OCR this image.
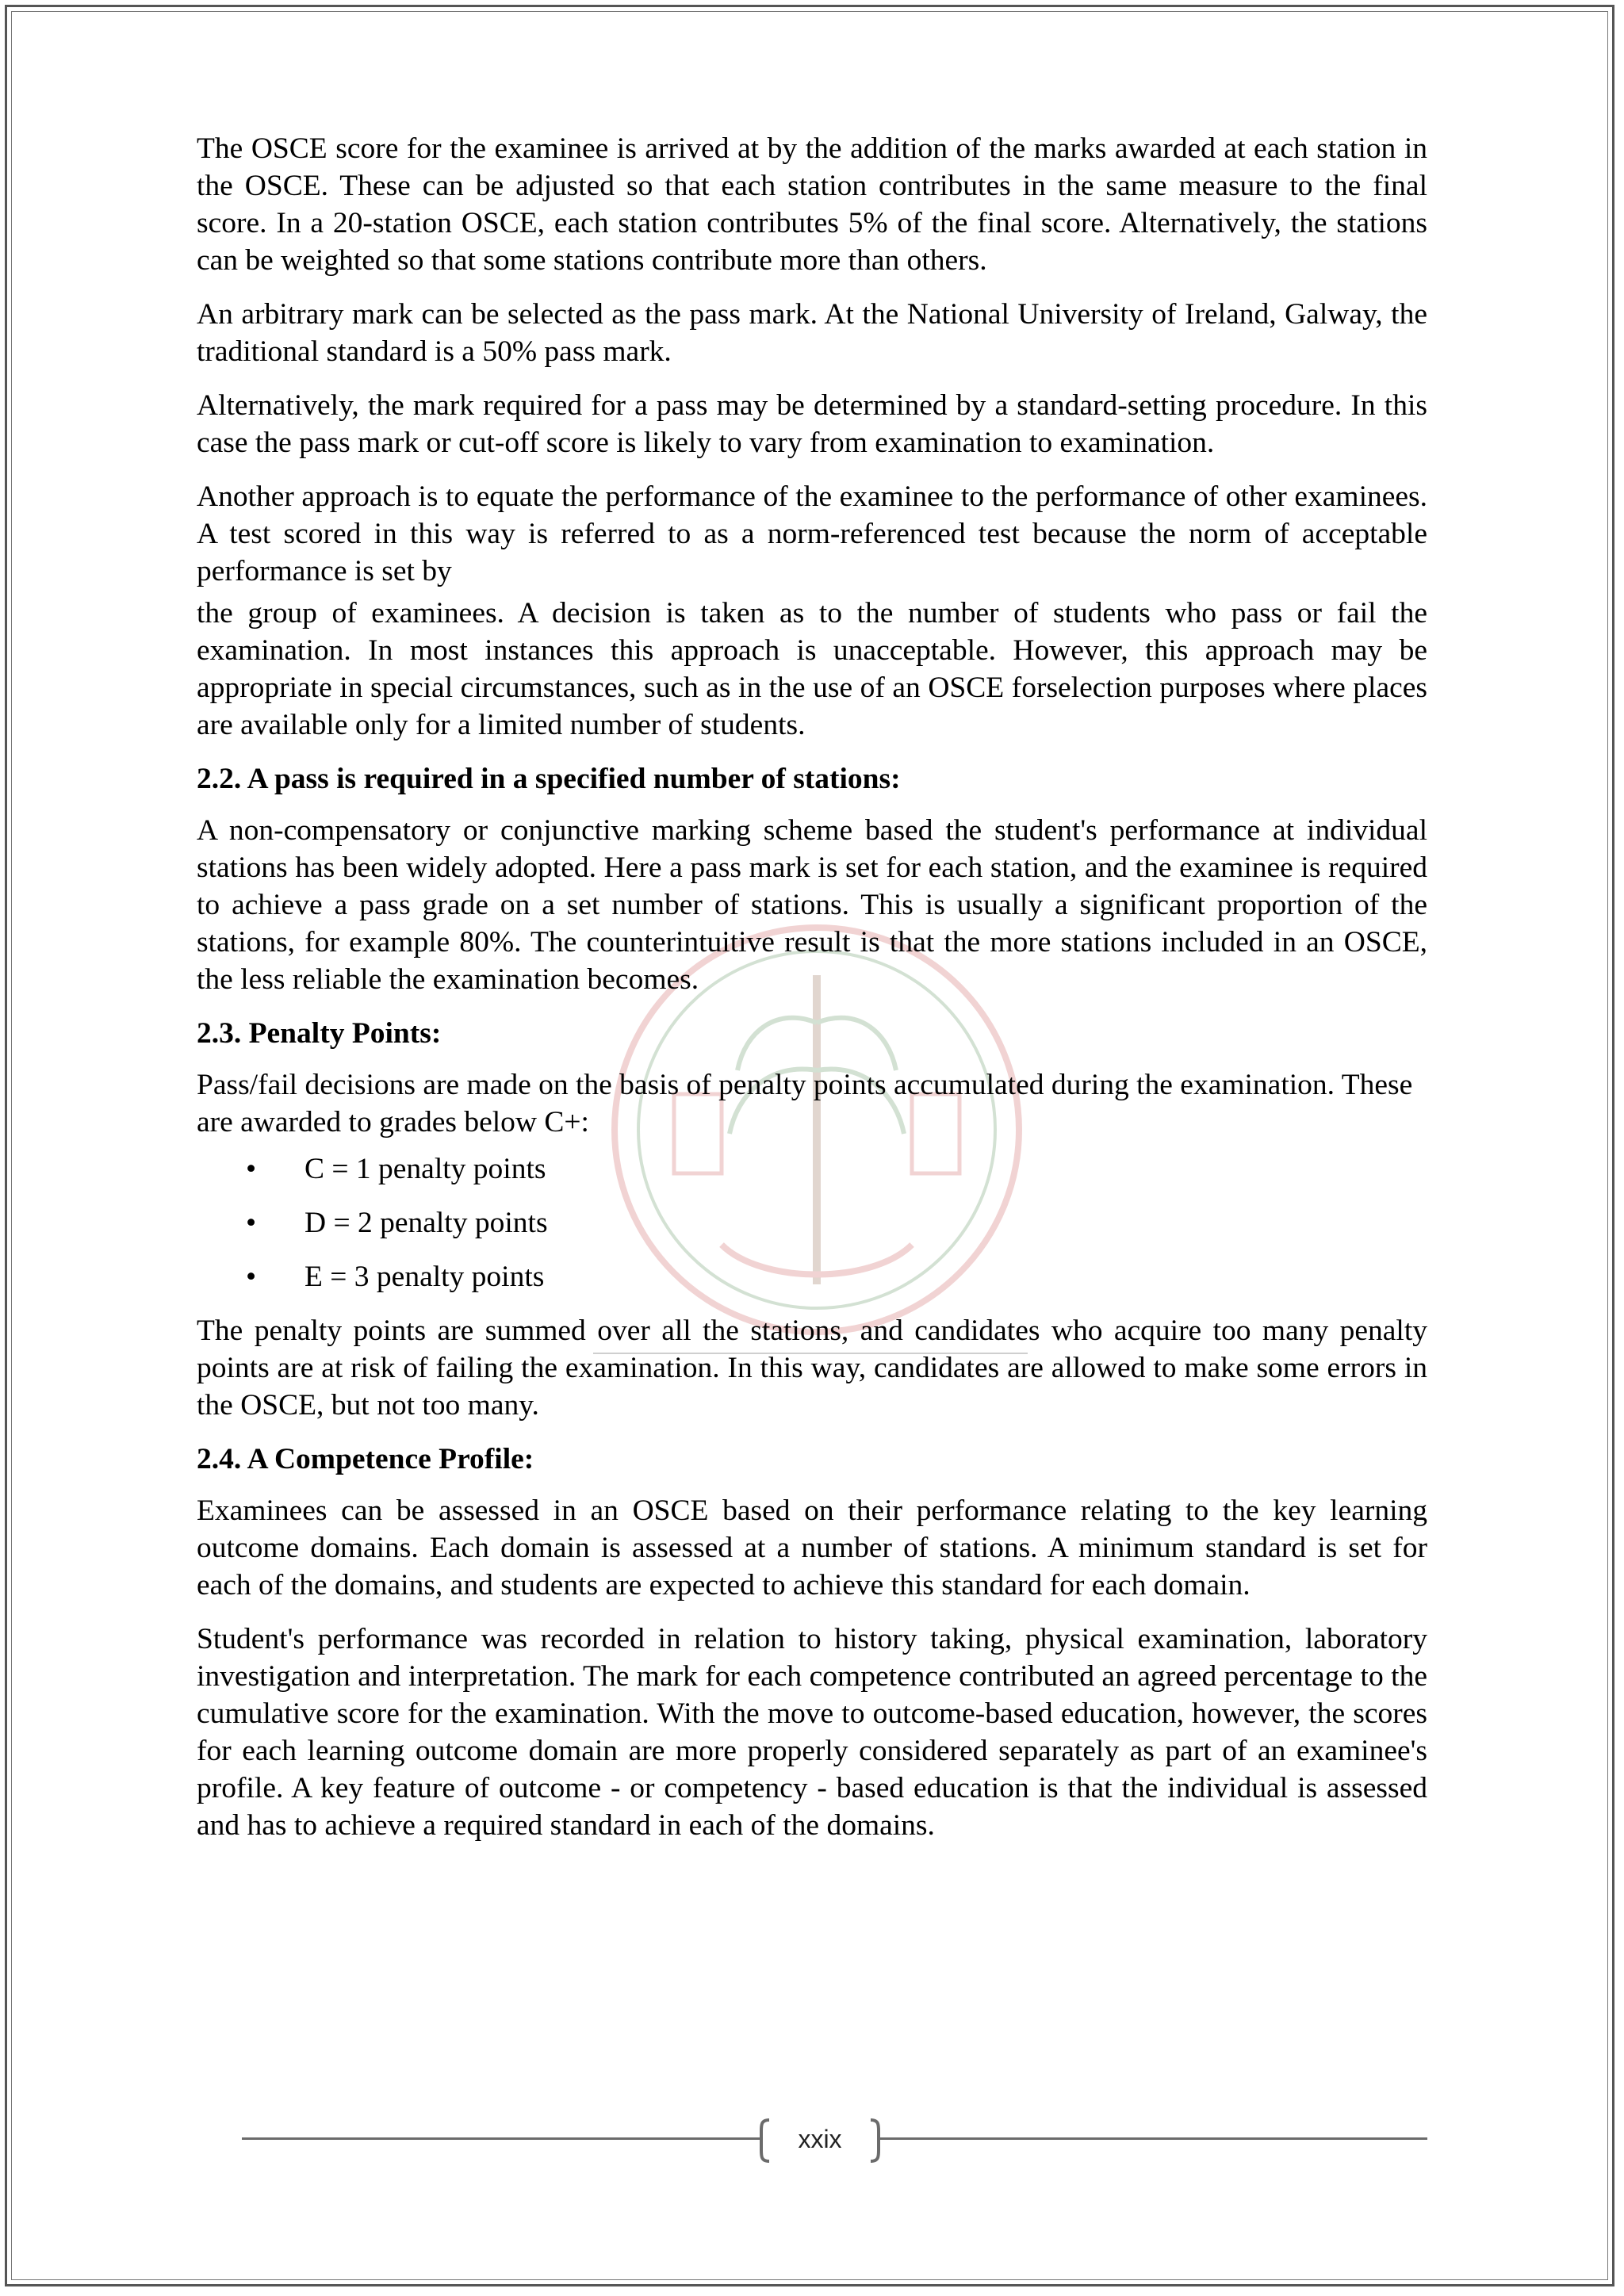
The OSCE score for the examinee is arrived at by the addition of the marks awarded at each station in the OSCE. These can be adjusted so that each station contributes in the same measure to the final score. In a 20-station OSCE, each station contributes 5% of the final score. Alternatively, the stations can be weighted so that some stations contribute more than others.

An arbitrary mark can be selected as the pass mark. At the National University of Ireland, Galway, the traditional standard is a 50% pass mark.

Alternatively, the mark required for a pass may be determined by a standard-setting procedure. In this case the pass mark or cut-off score is likely to vary from examination to examination.

Another approach is to equate the performance of the examinee to the performance of other examinees. A test scored in this way is referred to as a norm-referenced test because the norm of acceptable performance is set by

the group of examinees. A decision is taken as to the number of students who pass or fail the examination. In most instances this approach is unacceptable. However, this approach may be appropriate in special circumstances, such as in the use of an OSCE forselection purposes where places are available only for a limited number of students.

2.2. A pass is required in a specified number of stations:

A non-compensatory or conjunctive marking scheme based the student's performance at individual stations has been widely adopted. Here a pass mark is set for each station, and the examinee is required to achieve a pass grade on a set number of stations. This is usually a significant proportion of the stations, for example 80%. The counterintuitive result is that the more stations included in an OSCE, the less reliable the examination becomes.

2.3. Penalty Points:

Pass/fail decisions are made on the basis of penalty points accumulated during the examination. These are awarded to grades below C+:

• C = 1 penalty points
• D = 2 penalty points
• E = 3 penalty points

The penalty points are summed over all the stations, and candidates who acquire too many penalty points are at risk of failing the examination. In this way, candidates are allowed to make some errors in the OSCE, but not too many.

2.4. A Competence Profile:

Examinees can be assessed in an OSCE based on their performance relating to the key learning outcome domains. Each domain is assessed at a number of stations. A minimum standard is set for each of the domains, and students are expected to achieve this standard for each domain.

Student's performance was recorded in relation to history taking, physical examination, laboratory investigation and interpretation. The mark for each competence contributed an agreed percentage to the cumulative score for the examination. With the move to outcome-based education, however, the scores for each learning outcome domain are more properly considered separately as part of an examinee's profile. A key feature of outcome - or competency - based education is that the individual is assessed and has to achieve a required standard in each of the domains.

xxix
